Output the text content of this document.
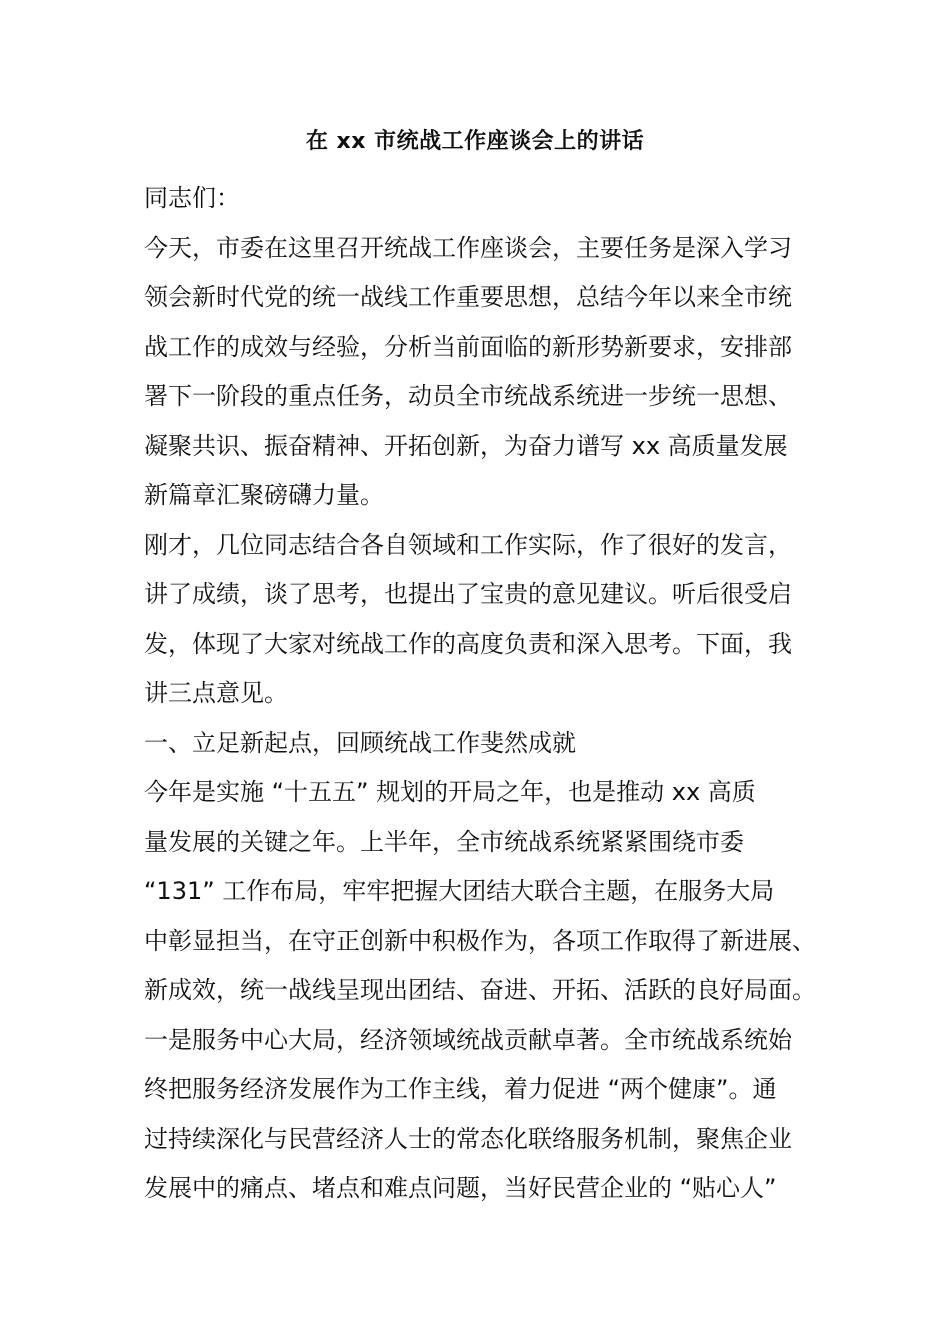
在 xx 市统战工作座谈会上的讲话
同志们：
今天，市委在这里召开统战工作座谈会，主要任务是深入学习
领会新时代党的统一战线工作重要思想，总结今年以来全市统
战工作的成效与经验，分析当前面临的新形势新要求，安排部
署下一阶段的重点任务，动员全市统战系统进一步统一思想、
凝聚共识、振奋精神、开拓创新，为奋力谱写 xx 高质量发展
新篇章汇聚磅礴力量。
刚才，几位同志结合各自领域和工作实际，作了很好的发言，
讲了成绩，谈了思考，也提出了宝贵的意见建议。听后很受启
发，体现了大家对统战工作的高度负责和深入思考。下面，我
讲三点意见。
一、立足新起点，回顾统战工作斐然成就
今年是实施 “十五五” 规划的开局之年，也是推动 xx 高质
量发展的关键之年。上半年，全市统战系统紧紧围绕市委
“131” 工作布局，牢牢把握大团结大联合主题，在服务大局
中彰显担当，在守正创新中积极作为，各项工作取得了新进展、
新成效，统一战线呈现出团结、奋进、开拓、活跃的良好局面。
一是服务中心大局，经济领域统战贡献卓著。全市统战系统始
终把服务经济发展作为工作主线，着力促进 “两个健康”。通
过持续深化与民营经济人士的常态化联络服务机制，聚焦企业
发展中的痛点、堵点和难点问题，当好民营企业的 “贴心人”
